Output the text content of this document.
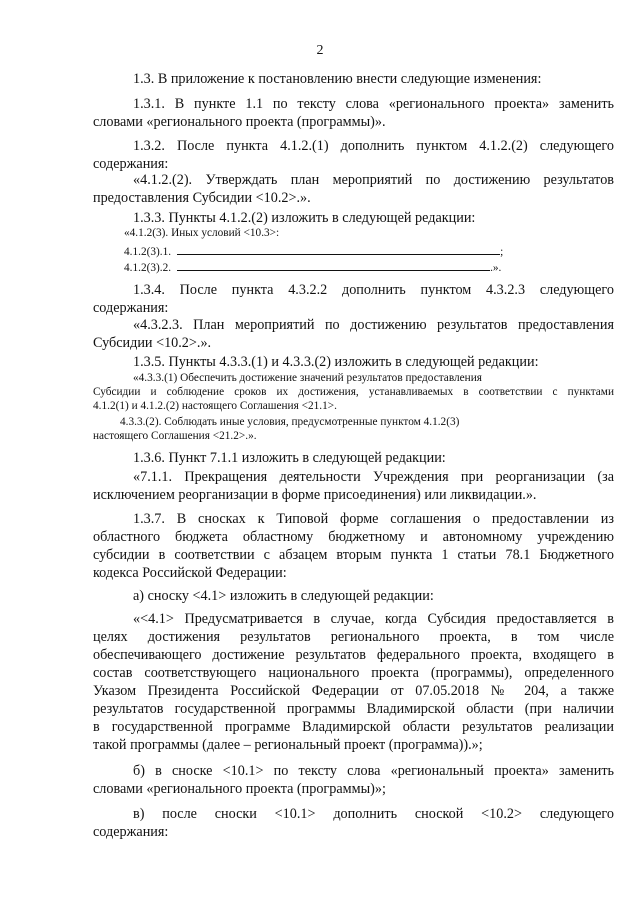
2
1.3. В приложение к постановлению внести следующие изменения:
1.3.1. В пункте 1.1 по тексту слова «регионального проекта» заменить
словами «регионального проекта (программы)».
1.3.2. После пункта 4.1.2.(1) дополнить пунктом 4.1.2.(2) следующего
содержания:
«4.1.2.(2). Утверждать план мероприятий по достижению результатов
предоставления Субсидии <10.2>.».
1.3.3. Пункты 4.1.2.(2) изложить в следующей редакции:
«4.1.2(3). Иных условий <10.3>:
4.1.2(3).1.	;
4.1.2(3).2.	.».
1.3.4. После пункта 4.3.2.2 дополнить пунктом 4.3.2.3 следующего
содержания:
«4.3.2.3. План мероприятий по достижению результатов предоставления
Субсидии <10.2>.».
1.3.5. Пункты 4.3.3.(1) и 4.3.3.(2) изложить в следующей редакции:
«4.3.3.(1) Обеспечить достижение значений результатов предоставления
Субсидии и соблюдение сроков их достижения, устанавливаемых в соответствии с пунктами
4.1.2(1) и 4.1.2.(2) настоящего Соглашения <21.1>.
4.3.3.(2). Соблюдать иные условия, предусмотренные пунктом 4.1.2(3)
настоящего Соглашения <21.2>.».
1.3.6. Пункт 7.1.1 изложить в следующей редакции:
«7.1.1. Прекращения деятельности Учреждения при реорганизации (за
исключением реорганизации в форме присоединения) или ликвидации.».
1.3.7. В сносках к Типовой форме соглашения о предоставлении из
областного бюджета областному бюджетному и автономному учреждению
субсидии в соответствии с абзацем вторым пункта 1 статьи 78.1 Бюджетного
кодекса Российской Федерации:
а) сноску <4.1> изложить в следующей редакции:
«<4.1> Предусматривается в случае, когда Субсидия предоставляется в
целях достижения результатов регионального проекта, в том числе
обеспечивающего достижение результатов федерального проекта, входящего в
состав соответствующего национального проекта (программы), определенного
Указом Президента Российской Федерации от 07.05.2018 № 204, а также
результатов государственной программы Владимирской области (при наличии
в государственной программе Владимирской области результатов реализации
такой программы (далее – региональный проект (программа)).»;
б) в сноске <10.1> по тексту слова «региональный проекта» заменить
словами «регионального проекта (программы)»;
в) после сноски <10.1> дополнить сноской <10.2> следующего
содержания:
